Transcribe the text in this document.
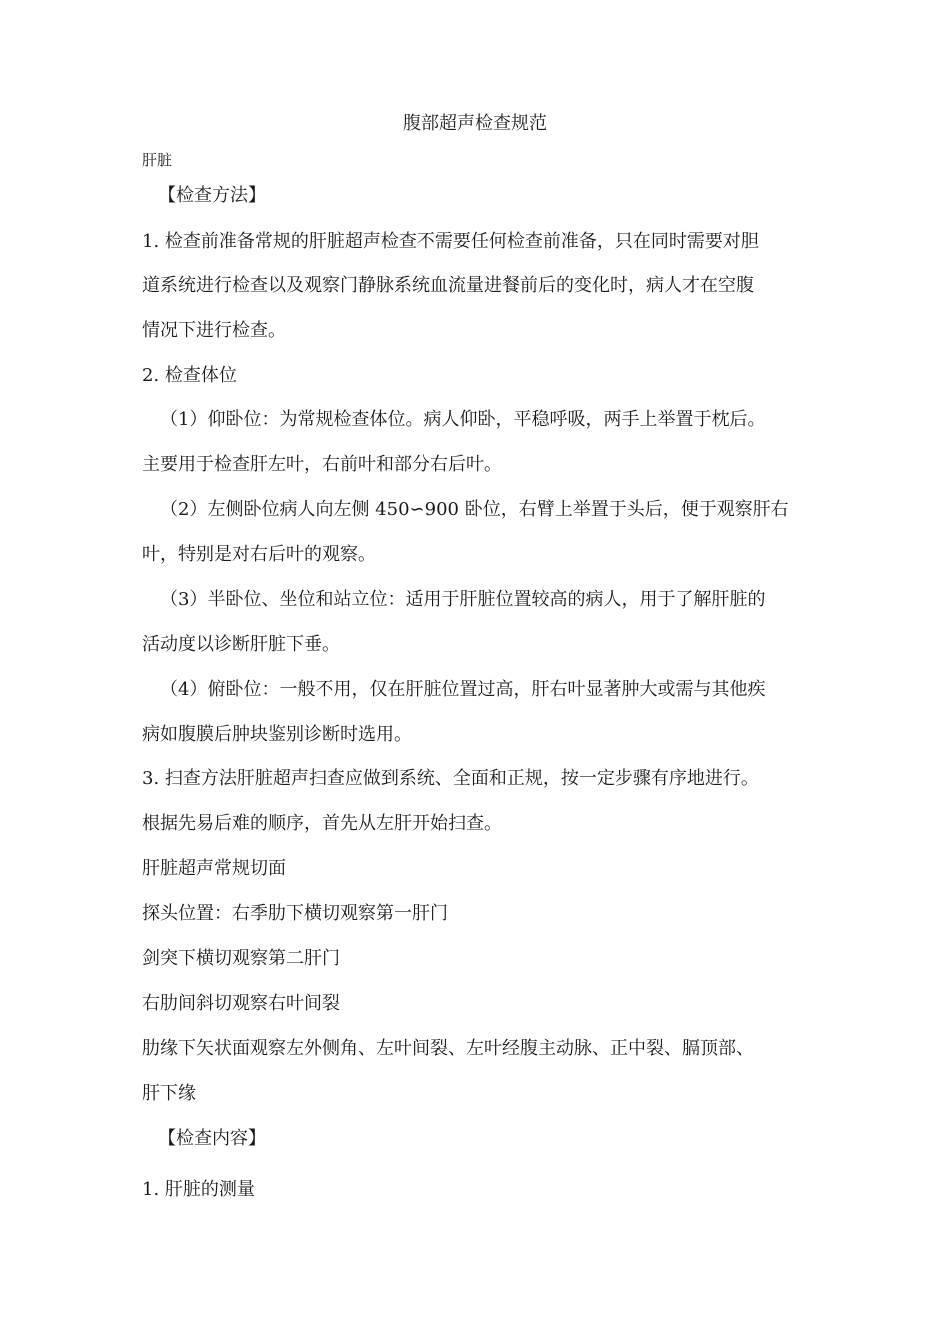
腹部超声检查规范
肝脏
【检查方法】
1. 检查前准备常规的肝脏超声检查不需要任何检查前准备，只在同时需要对胆
道系统进行检查以及观察门静脉系统血流量进餐前后的变化时，病人才在空腹
情况下进行检查。
2. 检查体位
（1）仰卧位：为常规检查体位。病人仰卧，平稳呼吸，两手上举置于枕后。
主要用于检查肝左叶，右前叶和部分右后叶。
（2）左侧卧位病人向左侧 450∽900 卧位，右臂上举置于头后，便于观察肝右
叶，特别是对右后叶的观察。
（3）半卧位、坐位和站立位：适用于肝脏位置较高的病人，用于了解肝脏的
活动度以诊断肝脏下垂。
（4）俯卧位：一般不用，仅在肝脏位置过高，肝右叶显著肿大或需与其他疾
病如腹膜后肿块鉴别诊断时选用。
3. 扫查方法肝脏超声扫查应做到系统、全面和正规，按一定步骤有序地进行。
根据先易后难的顺序，首先从左肝开始扫查。
肝脏超声常规切面
探头位置：右季肋下横切观察第一肝门
剑突下横切观察第二肝门
右肋间斜切观察右叶间裂
肋缘下矢状面观察左外侧角、左叶间裂、左叶经腹主动脉、正中裂、膈顶部、
肝下缘
【检查内容】
1. 肝脏的测量
